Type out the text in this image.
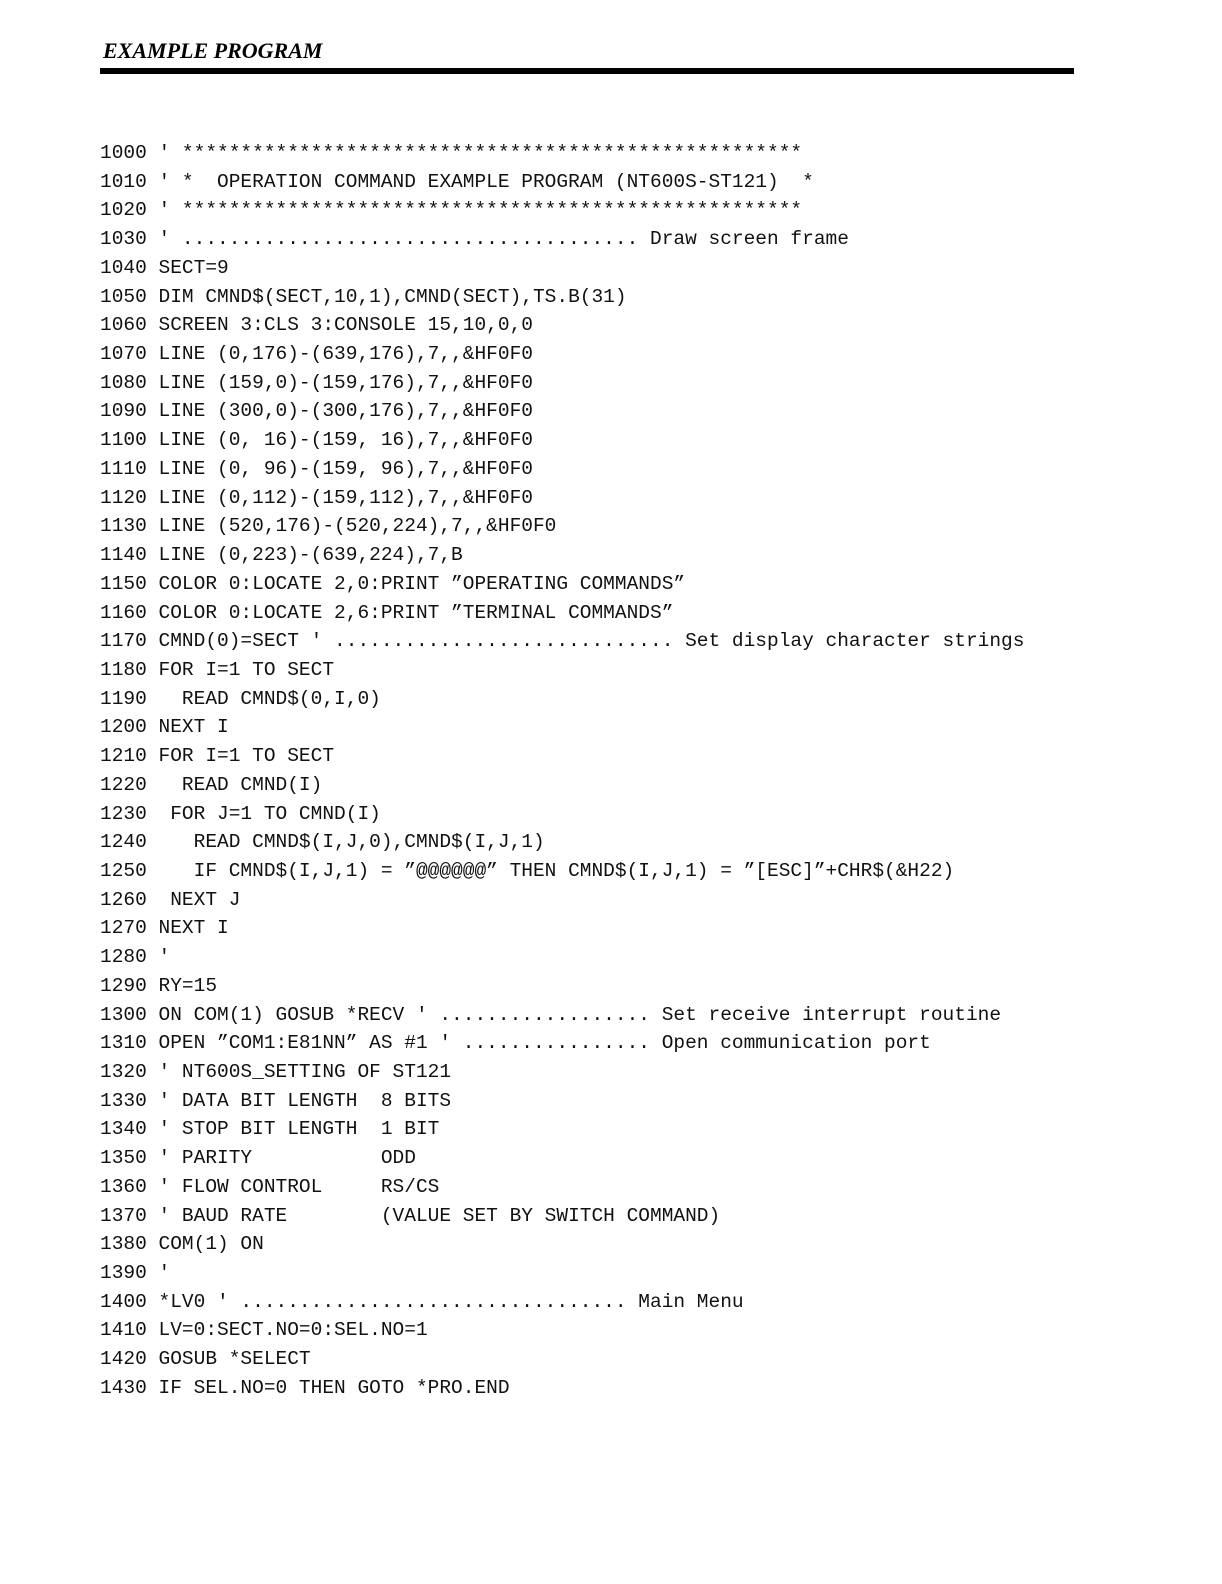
EXAMPLE PROGRAM
1000 ' *****************************************************
1010 ' *  OPERATION COMMAND EXAMPLE PROGRAM (NT600S-ST121)  *
1020 ' *****************************************************
1030 ' ....................................... Draw screen frame
1040 SECT=9
1050 DIM CMND$(SECT,10,1),CMND(SECT),TS.B(31)
1060 SCREEN 3:CLS 3:CONSOLE 15,10,0,0
1070 LINE (0,176)-(639,176),7,,&HF0F0
1080 LINE (159,0)-(159,176),7,,&HF0F0
1090 LINE (300,0)-(300,176),7,,&HF0F0
1100 LINE (0, 16)-(159, 16),7,,&HF0F0
1110 LINE (0, 96)-(159, 96),7,,&HF0F0
1120 LINE (0,112)-(159,112),7,,&HF0F0
1130 LINE (520,176)-(520,224),7,,&HF0F0
1140 LINE (0,223)-(639,224),7,B
1150 COLOR 0:LOCATE 2,0:PRINT ”OPERATING COMMANDS”
1160 COLOR 0:LOCATE 2,6:PRINT ”TERMINAL COMMANDS”
1170 CMND(0)=SECT ' ............................. Set display character strings
1180 FOR I=1 TO SECT
1190   READ CMND$(0,I,0)
1200 NEXT I
1210 FOR I=1 TO SECT
1220   READ CMND(I)
1230  FOR J=1 TO CMND(I)
1240    READ CMND$(I,J,0),CMND$(I,J,1)
1250    IF CMND$(I,J,1) = ”@@@@@@” THEN CMND$(I,J,1) = ”[ESC]”+CHR$(&H22)
1260  NEXT J
1270 NEXT I
1280 '
1290 RY=15
1300 ON COM(1) GOSUB *RECV ' .................. Set receive interrupt routine
1310 OPEN ”COM1:E81NN” AS #1 ' ................ Open communication port
1320 ' NT600S_SETTING OF ST121
1330 ' DATA BIT LENGTH  8 BITS
1340 ' STOP BIT LENGTH  1 BIT
1350 ' PARITY           ODD
1360 ' FLOW CONTROL     RS/CS
1370 ' BAUD RATE        (VALUE SET BY SWITCH COMMAND)
1380 COM(1) ON
1390 '
1400 *LV0 ' ................................. Main Menu
1410 LV=0:SECT.NO=0:SEL.NO=1
1420 GOSUB *SELECT
1430 IF SEL.NO=0 THEN GOTO *PRO.END
